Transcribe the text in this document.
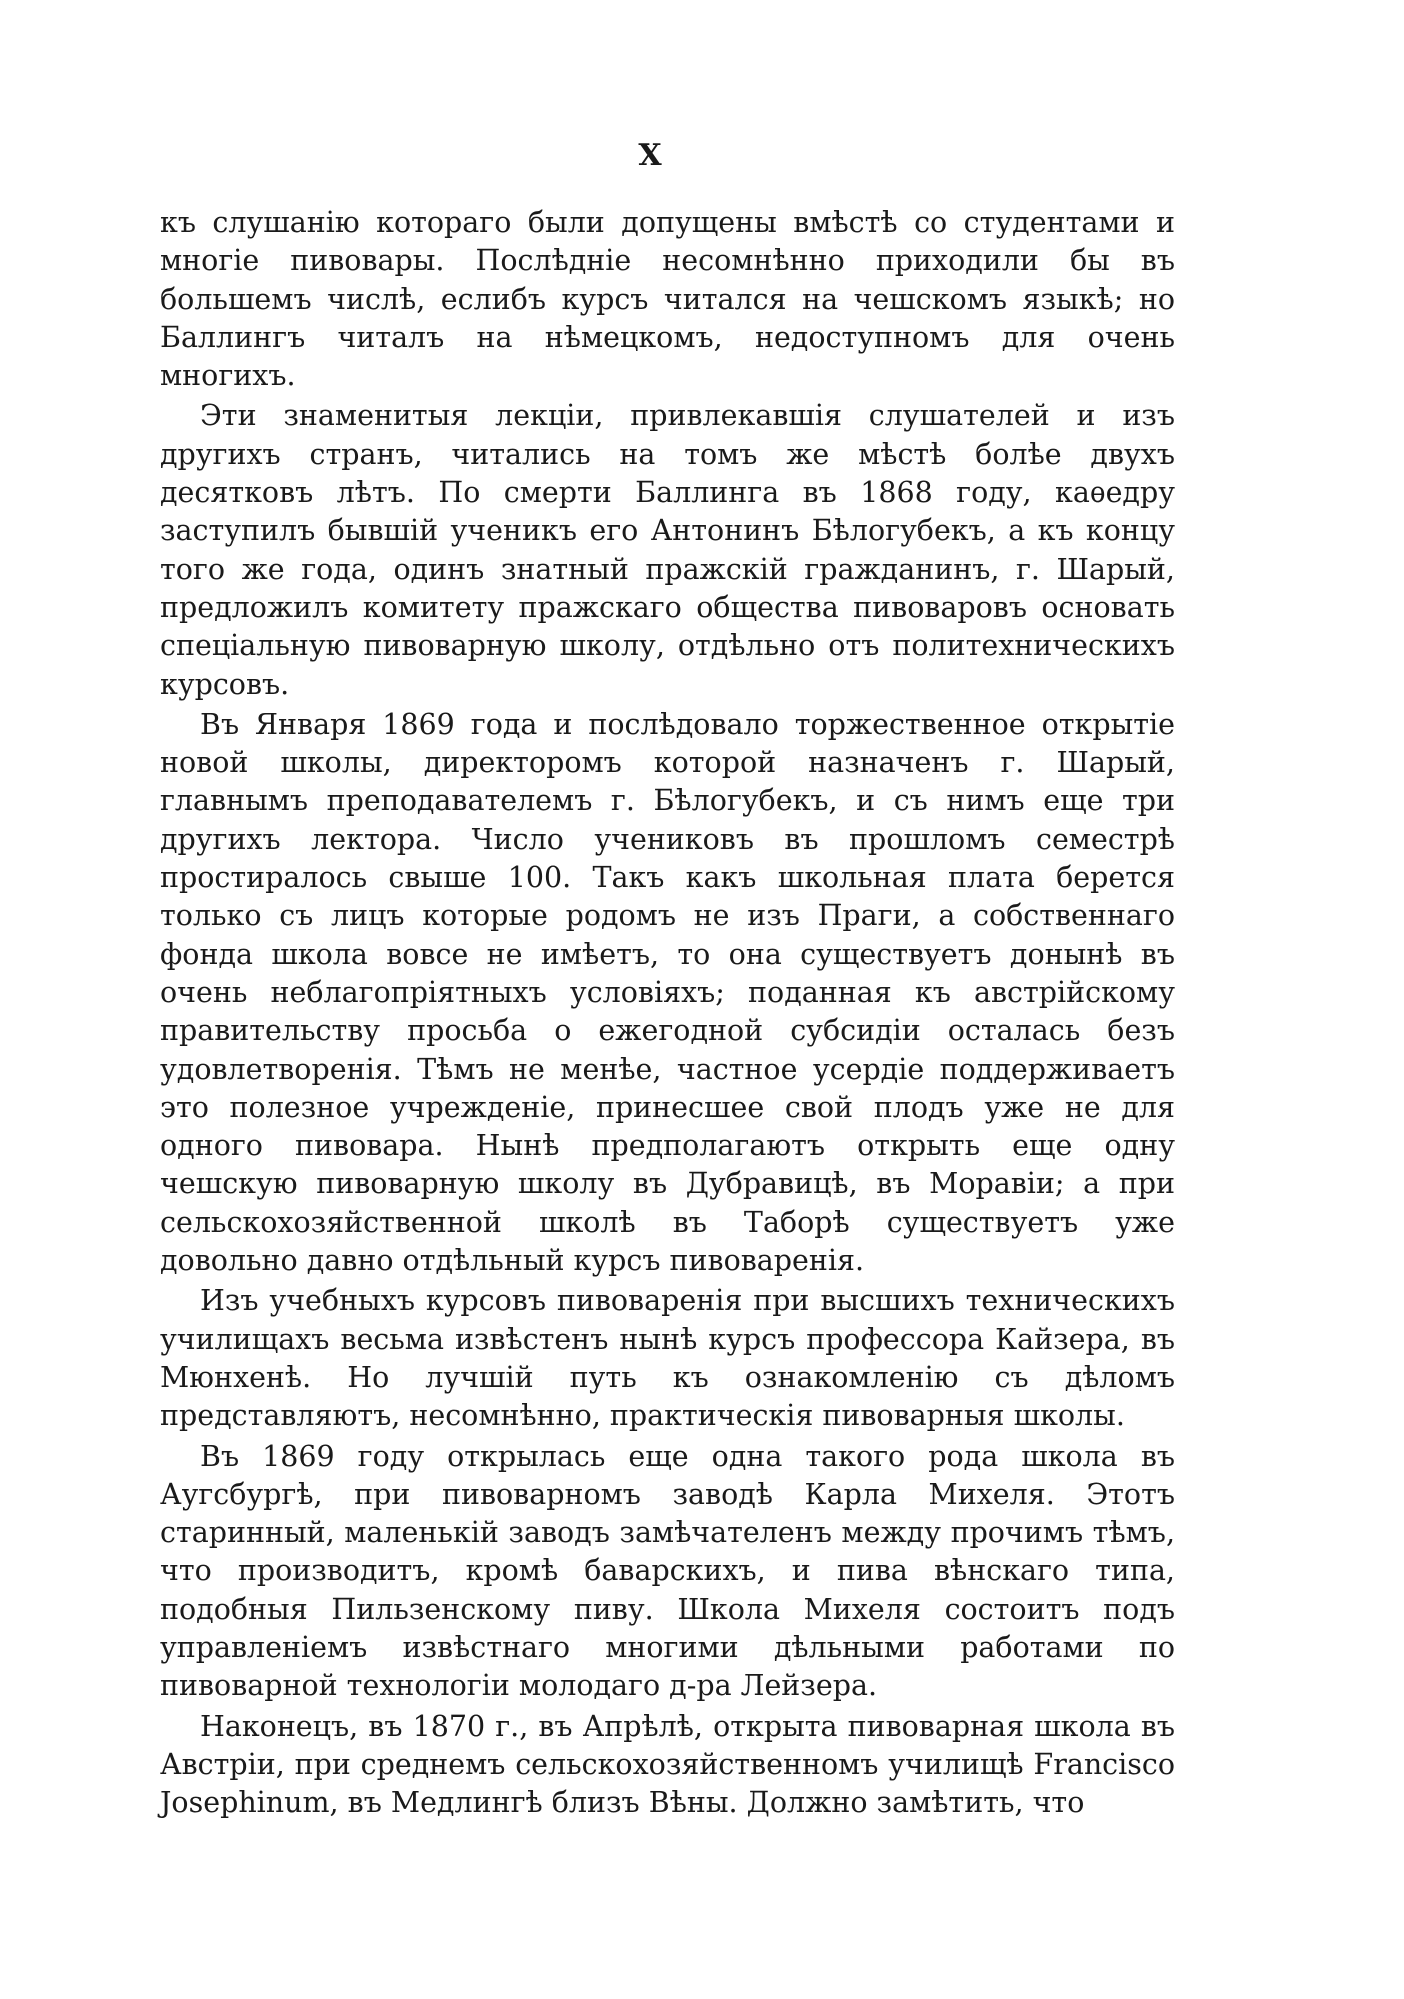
X

къ слушанію котораго были допущены вмѣстѣ со студентами и многіе пивовары. Послѣдніе несомнѣнно приходили бы въ большемъ числѣ, еслибъ курсъ читался на чешскомъ языкѣ; но Баллингъ читалъ на нѣмецкомъ, недоступномъ для очень многихъ.

Эти знаменитыя лекціи, привлекавшія слушателей и изъ другихъ странъ, читались на томъ же мѣстѣ болѣе двухъ десятковъ лѣтъ. По смерти Баллинга въ 1868 году, каѳедру заступилъ бывшій ученикъ его Антонинъ Бѣлогубекъ, а къ концу того же года, одинъ знатный пражскій гражданинъ, г. Шарый, предложилъ комитету пражскаго общества пивоваровъ основать спеціальную пивоварную школу, отдѣльно отъ политехническихъ курсовъ.

Въ Января 1869 года и послѣдовало торжественное открытіе новой школы, директоромъ которой назначенъ г. Шарый, главнымъ преподавателемъ г. Бѣлогубекъ, и съ нимъ еще три другихъ лектора. Число учениковъ въ прошломъ семестрѣ простиралось свыше 100. Такъ какъ школьная плата берется только съ лицъ которые родомъ не изъ Праги, а собственнаго фонда школа вовсе не имѣетъ, то она существуетъ донынѣ въ очень неблагопріятныхъ условіяхъ; поданная къ австрійскому правительству просьба о ежегодной субсидіи осталась безъ удовлетворенія. Тѣмъ не менѣе, частное усердіе поддерживаетъ это полезное учрежденіе, принесшее свой плодъ уже не для одного пивовара. Нынѣ предполагаютъ открыть еще одну чешскую пивоварную школу въ Дубравицѣ, въ Моравіи; а при сельскохозяйственной школѣ въ Таборѣ существуетъ уже довольно давно отдѣльный курсъ пивоваренія.

Изъ учебныхъ курсовъ пивоваренія при высшихъ техническихъ училищахъ весьма извѣстенъ нынѣ курсъ профессора Кайзера, въ Мюнхенѣ. Но лучшій путь къ ознакомленію съ дѣломъ представляютъ, несомнѣнно, практическія пивоварныя школы.

Въ 1869 году открылась еще одна такого рода школа въ Аугсбургѣ, при пивоварномъ заводѣ Карла Михеля. Этотъ старинный, маленькій заводъ замѣчателенъ между прочимъ тѣмъ, что производитъ, кромѣ баварскихъ, и пива вѣнскаго типа, подобныя Пильзенскому пиву. Школа Михеля состоитъ подъ управленіемъ извѣстнаго многими дѣльными работами по пивоварной технологіи молодаго д-ра Лейзера.

Наконецъ, въ 1870 г., въ Апрѣлѣ, открыта пивоварная школа въ Австріи, при среднемъ сельскохозяйственномъ училищѣ Francisco Josephinum, въ Медлингѣ близъ Вѣны. Должно замѣтить, что
